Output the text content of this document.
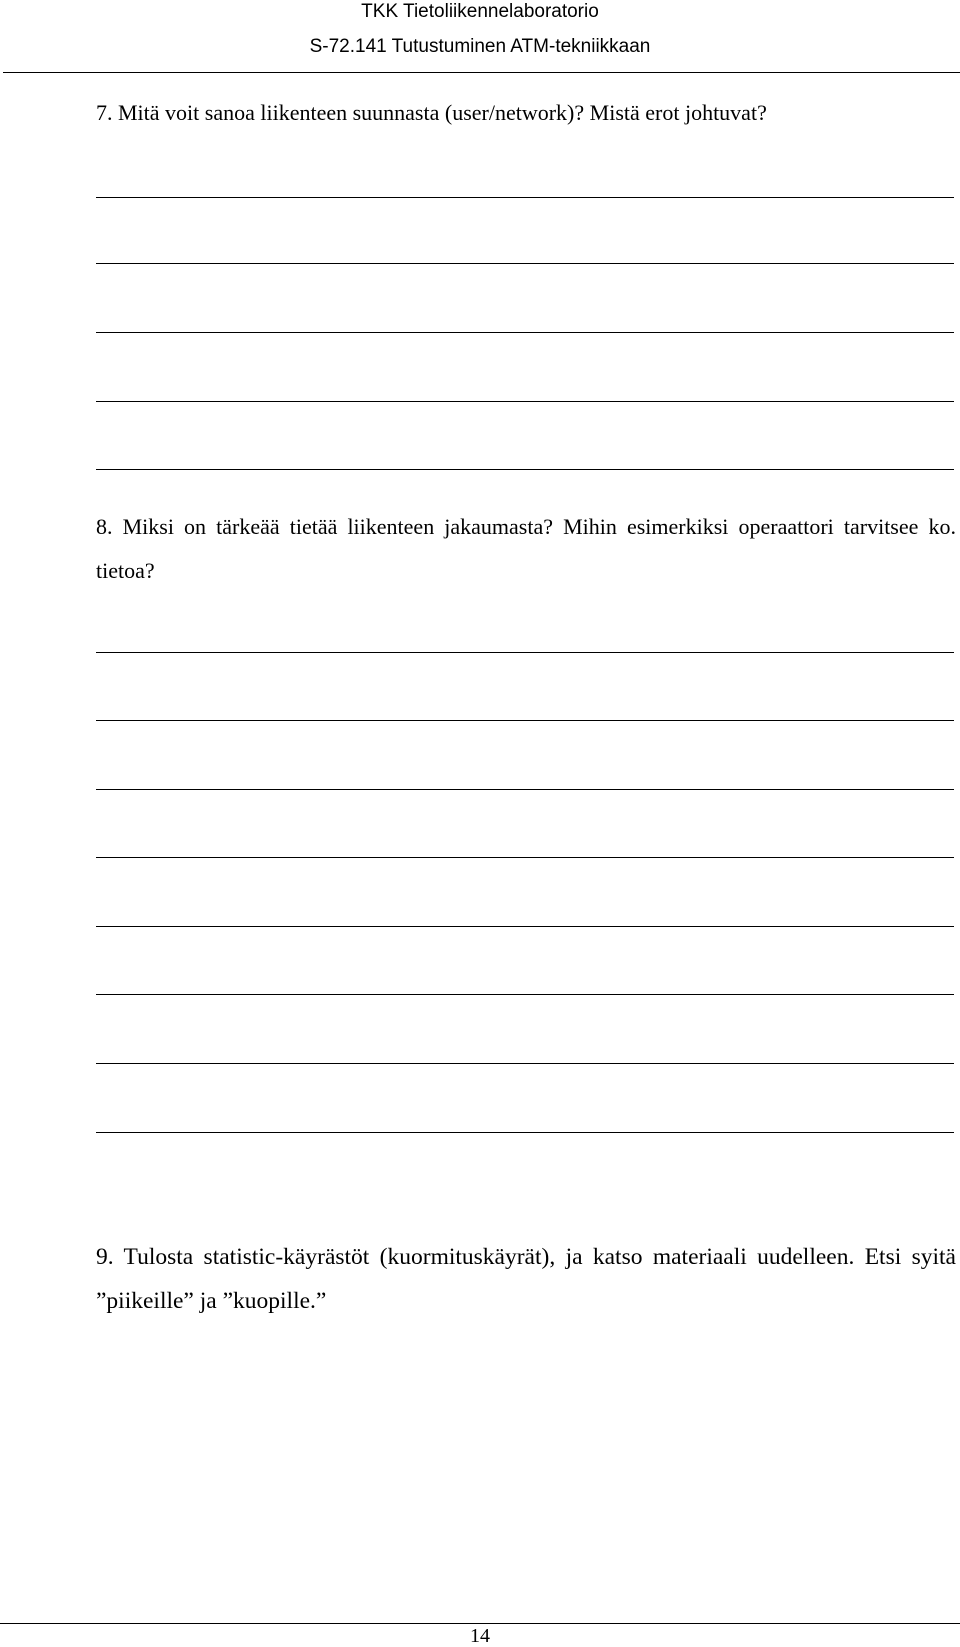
TKK Tietoliikennelaboratorio
S-72.141 Tutustuminen ATM-tekniikkaan
7. Mitä voit sanoa liikenteen suunnasta (user/network)? Mistä erot johtuvat?
8. Miksi on tärkeää tietää liikenteen jakaumasta? Mihin esimerkiksi operaattori tarvitsee ko. tietoa?
9. Tulosta statistic-käyrästöt (kuormituskäyrät), ja katso materiaali uudelleen. Etsi syitä ”piikeille” ja ”kuopille.”
14
